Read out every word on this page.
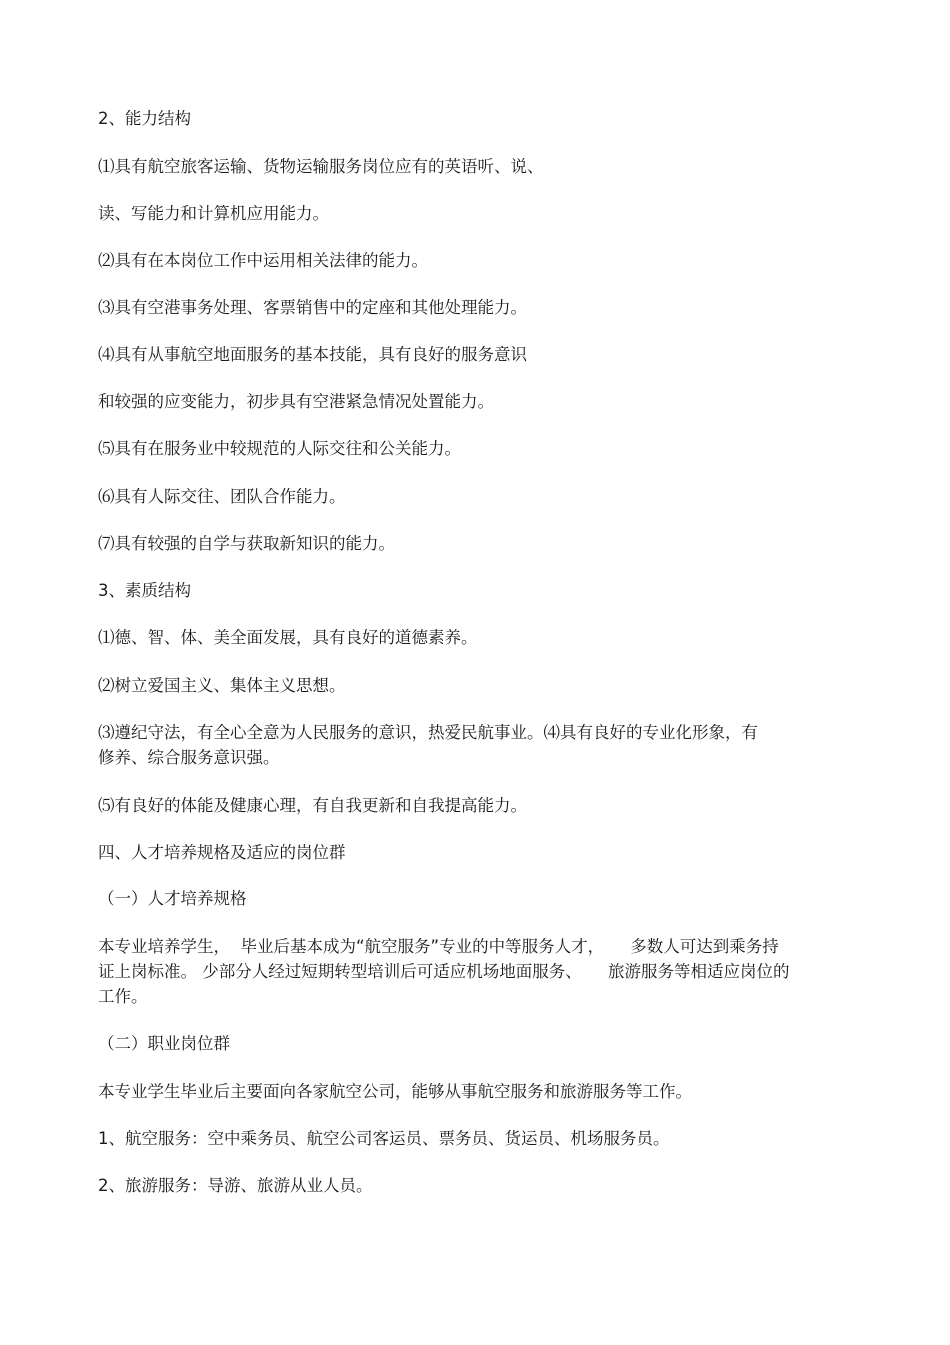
2、能力结构

⑴具有航空旅客运输、货物运输服务岗位应有的英语听、说、

读、写能力和计算机应用能力。

⑵具有在本岗位工作中运用相关法律的能力。

⑶具有空港事务处理、客票销售中的定座和其他处理能力。

⑷具有从事航空地面服务的基本技能，具有良好的服务意识

和较强的应变能力，初步具有空港紧急情况处置能力。

⑸具有在服务业中较规范的人际交往和公关能力。

⑹具有人际交往、团队合作能力。

⑺具有较强的自学与获取新知识的能力。

3、素质结构

⑴德、智、体、美全面发展，具有良好的道德素养。

⑵树立爱国主义、集体主义思想。

⑶遵纪守法，有全心全意为人民服务的意识，热爱民航事业。⑷具有良好的专业化形象，有

修养、综合服务意识强。

⑸有良好的体能及健康心理，有自我更新和自我提高能力。

四、人才培养规格及适应的岗位群

（一）人才培养规格

本专业培养学生，  毕业后基本成为“航空服务”专业的中等服务人才，     多数人可达到乘务持

证上岗标准。 少部分人经过短期转型培训后可适应机场地面服务、     旅游服务等相适应岗位的

工作。

（二）职业岗位群

本专业学生毕业后主要面向各家航空公司，能够从事航空服务和旅游服务等工作。

1、航空服务：空中乘务员、航空公司客运员、票务员、货运员、机场服务员。

2、旅游服务：导游、旅游从业人员。
